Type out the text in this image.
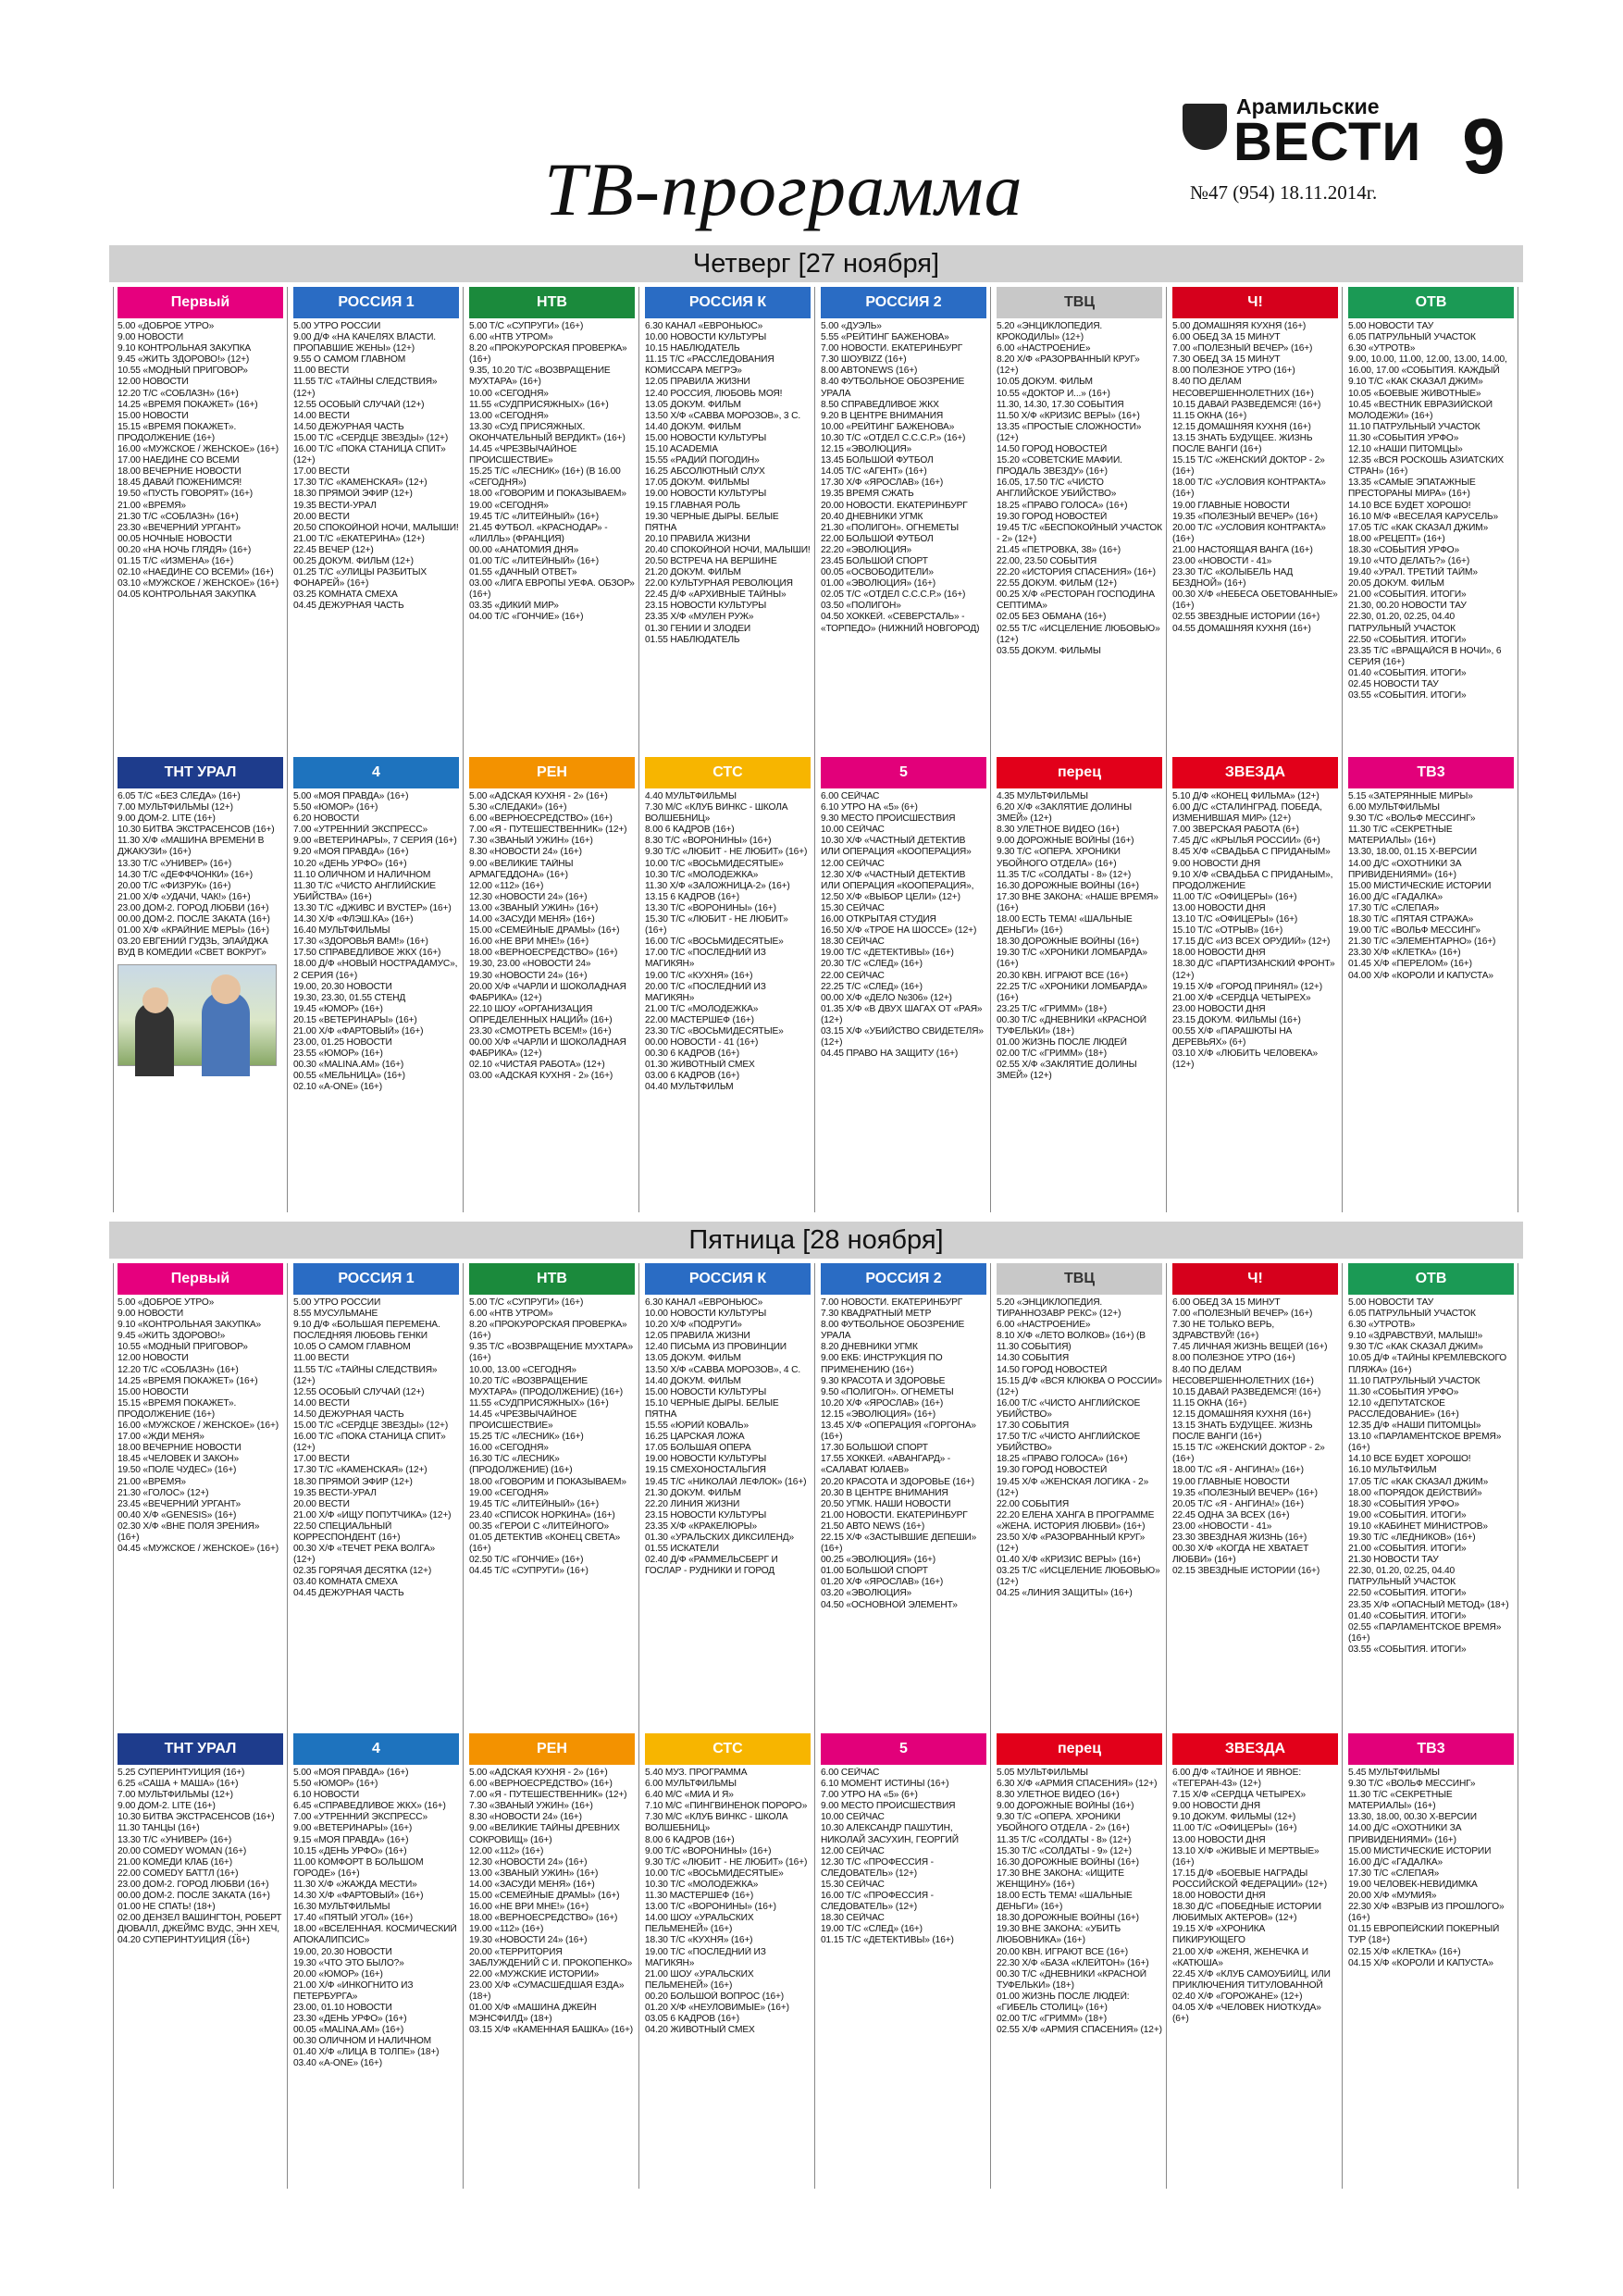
ТВ-программа
Арамильские
ВЕСТИ
№47 (954) 18.11.2014г.
9
Четверг [27 ноября]
Первый
5.00 «ДОБРОЕ УТРО»
9.00 НОВОСТИ
9.10 КОНТРОЛЬНАЯ ЗАКУПКА
9.45 «ЖИТЬ ЗДОРОВО!» (12+)
10.55 «МОДНЫЙ ПРИГОВОР»
12.00 НОВОСТИ
12.20 Т/С «СОБЛАЗН» (16+)
14.25 «ВРЕМЯ ПОКАЖЕТ» (16+)
15.00 НОВОСТИ
15.15 «ВРЕМЯ ПОКАЖЕТ». ПРОДОЛЖЕНИЕ (16+)
16.00 «МУЖСКОЕ / ЖЕНСКОЕ» (16+)
17.00 НАЕДИНЕ СО ВСЕМИ
18.00 ВЕЧЕРНИЕ НОВОСТИ
18.45 ДАВАЙ ПОЖЕНИМСЯ!
19.50 «ПУСТЬ ГОВОРЯТ» (16+)
21.00 «ВРЕМЯ»
21.30 Т/С «СОБЛАЗН» (16+)
23.30 «ВЕЧЕРНИЙ УРГАНТ»
00.05 НОЧНЫЕ НОВОСТИ
00.20 «НА НОЧЬ ГЛЯДЯ» (16+)
01.15 Т/С «ИЗМЕНА» (16+)
02.10 «НАЕДИНЕ СО ВСЕМИ» (16+)
03.10 «МУЖСКОЕ / ЖЕНСКОЕ» (16+)
04.05 КОНТРОЛЬНАЯ ЗАКУПКА
ТНТ УРАЛ
6.05 Т/С «БЕЗ СЛЕДА» (16+)
7.00 МУЛЬТФИЛЬМЫ (12+)
9.00 ДОМ-2. LITE (16+)
10.30 БИТВА ЭКСТРАСЕНСОВ (16+)
11.30 Х/Ф «МАШИНА ВРЕМЕНИ В ДЖАКУЗИ» (16+)
13.30 Т/С «УНИВЕР» (16+)
14.30 Т/С «ДЕФФЧОНКИ» (16+)
20.00 Т/С «ФИЗРУК» (16+)
21.00 Х/Ф «УДАЧИ, ЧАК!» (16+)
23.00 ДОМ-2. ГОРОД ЛЮБВИ (16+)
00.00 ДОМ-2. ПОСЛЕ ЗАКАТА (16+)
01.00 Х/Ф «КРАЙНИЕ МЕРЫ» (16+)
03.20 ЕВГЕНИЙ ГУДЗЬ, ЭЛАЙДЖА ВУД В КОМЕДИИ «СВЕТ ВОКРУГ»
РОССИЯ 1
5.00 УТРО РОССИИ
9.00 Д/Ф «НА КАЧЕЛЯХ ВЛАСТИ. ПРОПАВШИЕ ЖЕНЫ» (12+)
9.55 О САМОМ ГЛАВНОМ
11.00 ВЕСТИ
11.55 Т/С «ТАЙНЫ СЛЕДСТВИЯ» (12+)
12.55 ОСОБЫЙ СЛУЧАЙ (12+)
14.00 ВЕСТИ
14.50 ДЕЖУРНАЯ ЧАСТЬ
15.00 Т/С «СЕРДЦЕ ЗВЕЗДЫ» (12+)
16.00 Т/С «ПОКА СТАНИЦА СПИТ» (12+)
17.00 ВЕСТИ
17.30 Т/С «КАМЕНСКАЯ» (12+)
18.30 ПРЯМОЙ ЭФИР (12+)
19.35 ВЕСТИ-УРАЛ
20.00 ВЕСТИ
20.50 СПОКОЙНОЙ НОЧИ, МАЛЫШИ!
21.00 Т/С «ЕКАТЕРИНА» (12+)
22.45 ВЕЧЕР (12+)
00.25 ДОКУМ. ФИЛЬМ (12+)
01.25 Т/С «УЛИЦЫ РАЗБИТЫХ ФОНАРЕЙ» (16+)
03.25 КОМНАТА СМЕХА
04.45 ДЕЖУРНАЯ ЧАСТЬ
4
5.00 «МОЯ ПРАВДА» (16+)
5.50 «ЮМОР» (16+)
6.20 НОВОСТИ
7.00 «УТРЕННИЙ ЭКСПРЕСС»
9.00 «ВЕТЕРИНАРЫ», 7 СЕРИЯ (16+)
9.20 «МОЯ ПРАВДА» (16+)
10.20 «ДЕНЬ УРФО» (16+)
11.10 ОЛИЧНОМ И НАЛИЧНОМ
11.30 Т/С «ЧИСТО АНГЛИЙСКИЕ УБИЙСТВА» (16+)
13.30 Т/С «ДЖИВС И ВУСТЕР» (16+)
14.30 Х/Ф «ФЛЭШ.КА» (16+)
16.40 МУЛЬТФИЛЬМЫ
17.30 «ЗДОРОВЬЯ ВАМ!» (16+)
17.50 СПРАВЕДЛИВОЕ ЖКХ (16+)
18.00 Д/Ф «НОВЫЙ НОСТРАДАМУС», 2 СЕРИЯ (16+)
19.00, 20.30 НОВОСТИ
19.30, 23.30, 01.55 СТЕНД
19.45 «ЮМОР» (16+)
20.15 «ВЕТЕРИНАРЫ» (16+)
21.00 Х/Ф «ФАРТОВЫЙ» (16+)
23.00, 01.25 НОВОСТИ
23.55 «ЮМОР» (16+)
00.30 «MALINA.AM» (16+)
00.55 «МЕЛЬНИЦА» (16+)
02.10 «A-ONE» (16+)
НТВ
5.00 Т/С «СУПРУГИ» (16+)
6.00 «НТВ УТРОМ»
8.20 «ПРОКУРОРСКАЯ ПРОВЕРКА» (16+)
9.35, 10.20 Т/С «ВОЗВРАЩЕНИЕ МУХТАРА» (16+)
10.00 «СЕГОДНЯ»
11.55 «СУДПРИСЯЖНЫХ» (16+)
13.00 «СЕГОДНЯ»
13.30 «СУД ПРИСЯЖНЫХ. ОКОНЧАТЕЛЬНЫЙ ВЕРДИКТ» (16+)
14.45 «ЧРЕЗВЫЧАЙНОЕ ПРОИСШЕСТВИЕ»
15.25 Т/С «ЛЕСНИК» (16+) (В 16.00 «СЕГОДНЯ»)
18.00 «ГОВОРИМ И ПОКАЗЫВАЕМ»
19.00 «СЕГОДНЯ»
19.45 Т/С «ЛИТЕЙНЫЙ» (16+)
21.45 ФУТБОЛ. «КРАСНОДАР» - «ЛИЛЛЬ» (ФРАНЦИЯ)
00.00 «АНАТОМИЯ ДНЯ»
01.00 Т/С «ЛИТЕЙНЫЙ» (16+)
01.55 «ДАЧНЫЙ ОТВЕТ»
03.00 «ЛИГА ЕВРОПЫ УЕФА. ОБЗОР» (16+)
03.35 «ДИКИЙ МИР»
04.00 Т/С «ГОНЧИЕ» (16+)
РЕН
5.00 «АДСКАЯ КУХНЯ - 2» (16+)
5.30 «СЛЕДАКИ» (16+)
6.00 «ВЕРНОЕСРЕДСТВО» (16+)
7.00 «Я - ПУТЕШЕСТВЕННИК» (12+)
7.30 «ЗВАНЫЙ УЖИН» (16+)
8.30 «НОВОСТИ 24» (16+)
9.00 «ВЕЛИКИЕ ТАЙНЫ АРМАГЕДДОНА» (16+)
12.00 «112» (16+)
12.30 «НОВОСТИ 24» (16+)
13.00 «ЗВАНЫЙ УЖИН» (16+)
14.00 «ЗАСУДИ МЕНЯ» (16+)
15.00 «СЕМЕЙНЫЕ ДРАМЫ» (16+)
16.00 «НЕ ВРИ МНЕ!» (16+)
18.00 «ВЕРНОЕСРЕДСТВО» (16+)
19.30, 23.00 «НОВОСТИ 24»
19.30 «НОВОСТИ 24» (16+)
20.00 Х/Ф «ЧАРЛИ И ШОКОЛАДНАЯ ФАБРИКА» (12+)
22.10 ШОУ «ОРГАНИЗАЦИЯ ОПРЕДЕЛЕННЫХ НАЦИЙ» (16+)
23.30 «СМОТРЕТЬ ВСЕМ!» (16+)
00.00 Х/Ф «ЧАРЛИ И ШОКОЛАДНАЯ ФАБРИКА» (12+)
02.10 «ЧИСТАЯ РАБОТА» (12+)
03.00 «АДСКАЯ КУХНЯ - 2» (16+)
РОССИЯ К
6.30 КАНАЛ «ЕВРОНЬЮС»
10.00 НОВОСТИ КУЛЬТУРЫ
10.15 НАБЛЮДАТЕЛЬ
11.15 Т/С «РАССЛЕДОВАНИЯ КОМИССАРА МЕГРЭ»
12.05 ПРАВИЛА ЖИЗНИ
12.40 РОССИЯ, ЛЮБОВЬ МОЯ!
13.05 ДОКУМ. ФИЛЬМ
13.50 Х/Ф «САВВА МОРОЗОВ», 3 С.
14.40 ДОКУМ. ФИЛЬМ
15.00 НОВОСТИ КУЛЬТУРЫ
15.10 ACADEMIA
15.55 «РАДИЙ ПОГОДИН»
16.25 АБСОЛЮТНЫЙ СЛУХ
17.05 ДОКУМ. ФИЛЬМЫ
19.00 НОВОСТИ КУЛЬТУРЫ
19.15 ГЛАВНАЯ РОЛЬ
19.30 ЧЕРНЫЕ ДЫРЫ. БЕЛЫЕ ПЯТНА
20.10 ПРАВИЛА ЖИЗНИ
20.40 СПОКОЙНОЙ НОЧИ, МАЛЫШИ!
20.50 ВСТРЕЧА НА ВЕРШИНЕ
21.20 ДОКУМ. ФИЛЬМ
22.00 КУЛЬТУРНАЯ РЕВОЛЮЦИЯ
22.45 Д/Ф «АРХИВНЫЕ ТАЙНЫ»
23.15 НОВОСТИ КУЛЬТУРЫ
23.35 Х/Ф «МУЛЕН РУЖ»
01.30 ГЕНИИ И ЗЛОДЕИ
01.55 НАБЛЮДАТЕЛЬ
СТС
4.40 МУЛЬТФИЛЬМЫ
7.30 М/С «КЛУБ ВИНКС - ШКОЛА ВОЛШЕБНИЦ»
8.00 6 КАДРОВ (16+)
8.30 Т/С «ВОРОНИНЫ» (16+)
9.30 Т/С «ЛЮБИТ - НЕ ЛЮБИТ» (16+)
10.00 Т/С «ВОСЬМИДЕСЯТЫЕ»
10.30 Т/С «МОЛОДЕЖКА»
11.30 Х/Ф «ЗАЛОЖНИЦА-2» (16+)
13.15 6 КАДРОВ (16+)
13.30 Т/С «ВОРОНИНЫ» (16+)
15.30 Т/С «ЛЮБИТ - НЕ ЛЮБИТ» (16+)
16.00 Т/С «ВОСЬМИДЕСЯТЫЕ»
17.00 Т/С «ПОСЛЕДНИЙ ИЗ МАГИКЯН»
19.00 Т/С «КУХНЯ» (16+)
20.00 Т/С «ПОСЛЕДНИЙ ИЗ МАГИКЯН»
21.00 Т/С «МОЛОДЕЖКА»
22.00 МАСТЕРШЕФ (16+)
23.30 Т/С «ВОСЬМИДЕСЯТЫЕ»
00.00 НОВОСТИ - 41 (16+)
00.30 6 КАДРОВ (16+)
01.30 ЖИВОТНЫЙ СМЕХ
03.00 6 КАДРОВ (16+)
04.40 МУЛЬТФИЛЬМ
РОССИЯ 2
5.00 «ДУЭЛЬ»
5.55 «РЕЙТИНГ БАЖЕНОВА»
7.00 НОВОСТИ. ЕКАТЕРИНБУРГ
7.30 ШОУBIZZ (16+)
8.00 ABTONEWS (16+)
8.40 ФУТБОЛЬНОЕ ОБОЗРЕНИЕ УРАЛА
8.50 СПРАВЕДЛИВОЕ ЖКХ
9.20 В ЦЕНТРЕ ВНИМАНИЯ
10.00 «РЕЙТИНГ БАЖЕНОВА»
10.30 Т/С «ОТДЕЛ С.С.С.Р.» (16+)
12.15 «ЭВОЛЮЦИЯ»
13.45 БОЛЬШОЙ ФУТБОЛ
14.05 Т/С «АГЕНТ» (16+)
17.30 Х/Ф «ЯРОСЛАВ» (16+)
19.35 ВРЕМЯ СЖАТЬ
20.00 НОВОСТИ. ЕКАТЕРИНБУРГ
20.40 ДНЕВНИКИ УГМК
21.30 «ПОЛИГОН». ОГНЕМЕТЫ
22.00 БОЛЬШОЙ ФУТБОЛ
22.20 «ЭВОЛЮЦИЯ»
23.45 БОЛЬШОЙ СПОРТ
00.05 «ОСВОБОДИТЕЛИ»
01.00 «ЭВОЛЮЦИЯ» (16+)
02.05 Т/С «ОТДЕЛ С.С.С.Р.» (16+)
03.50 «ПОЛИГОН»
04.50 ХОККЕЙ. «СЕВЕРСТАЛЬ» - «ТОРПЕДО» (НИЖНИЙ НОВГОРОД)
5
6.00 СЕЙЧАС
6.10 УТРО НА «5» (6+)
9.30 МЕСТО ПРОИСШЕСТВИЯ
10.00 СЕЙЧАС
10.30 Х/Ф «ЧАСТНЫЙ ДЕТЕКТИВ ИЛИ ОПЕРАЦИЯ «КООПЕРАЦИЯ»
12.00 СЕЙЧАС
12.30 Х/Ф «ЧАСТНЫЙ ДЕТЕКТИВ ИЛИ ОПЕРАЦИЯ «КООПЕРАЦИЯ»,
12.50 Х/Ф «ВЫБОР ЦЕЛИ» (12+)
15.30 СЕЙЧАС
16.00 ОТКРЫТАЯ СТУДИЯ
16.50 Х/Ф «ТРОЕ НА ШОССЕ» (12+)
18.30 СЕЙЧАС
19.00 Т/С «ДЕТЕКТИВЫ» (16+)
20.30 Т/С «СЛЕД» (16+)
22.00 СЕЙЧАС
22.25 Т/С «СЛЕД» (16+)
00.00 Х/Ф «ДЕЛО №306» (12+)
01.35 Х/Ф «В ДВУХ ШАГАХ ОТ «РАЯ» (12+)
03.15 Х/Ф «УБИЙСТВО СВИДЕТЕЛЯ» (12+)
04.45 ПРАВО НА ЗАЩИТУ (16+)
ТВЦ
5.20 «ЭНЦИКЛОПЕДИЯ. КРОКОДИЛЫ» (12+)
6.00 «НАСТРОЕНИЕ»
8.20 Х/Ф «РАЗОРВАННЫЙ КРУГ» (12+)
10.05 ДОКУМ. ФИЛЬМ
10.55 «ДОКТОР И...» (16+)
11.30, 14.30, 17.30 СОБЫТИЯ
11.50 Х/Ф «КРИЗИС ВЕРЫ» (16+)
13.35 «ПРОСТЫЕ СЛОЖНОСТИ» (12+)
14.50 ГОРОД НОВОСТЕЙ
15.20 «СОВЕТСКИЕ МАФИИ. ПРОДАЛЬ ЗВЕЗДУ» (16+)
16.05, 17.50 Т/С «ЧИСТО АНГЛИЙСКОЕ УБИЙСТВО»
18.25 «ПРАВО ГОЛОСА» (16+)
19.30 ГОРОД НОВОСТЕЙ
19.45 Т/С «БЕСПОКОЙНЫЙ УЧАСТОК - 2» (12+)
21.45 «ПЕТРОВКА, 38» (16+)
22.00, 23.50 СОБЫТИЯ
22.20 «ИСТОРИЯ СПАСЕНИЯ» (16+)
22.55 ДОКУМ. ФИЛЬМ (12+)
00.25 Х/Ф «РЕСТОРАН ГОСПОДИНА СЕПТИМА»
02.05 БЕЗ ОБМАНА (16+)
02.55 Т/С «ИСЦЕЛЕНИЕ ЛЮБОВЬЮ» (12+)
03.55 ДОКУМ. ФИЛЬМЫ
перец
4.35 МУЛЬТФИЛЬМЫ
6.20 Х/Ф «ЗАКЛЯТИЕ ДОЛИНЫ ЗМЕЙ» (12+)
8.30 УЛЕТНОЕ ВИДЕО (16+)
9.00 ДОРОЖНЫЕ ВОЙНЫ (16+)
9.30 Т/С «ОПЕРА. ХРОНИКИ УБОЙНОГО ОТДЕЛА» (16+)
11.35 Т/С «СОЛДАТЫ - 8» (12+)
16.30 ДОРОЖНЫЕ ВОЙНЫ (16+)
17.30 ВНЕ ЗАКОНА: «НАШЕ ВРЕМЯ» (16+)
18.00 ЕСТЬ ТЕМА! «ШАЛЬНЫЕ ДЕНЬГИ» (16+)
18.30 ДОРОЖНЫЕ ВОЙНЫ (16+)
19.30 Т/С «ХРОНИКИ ЛОМБАРДА» (16+)
20.30 КВН. ИГРАЮТ ВСЕ (16+)
22.25 Т/С «ХРОНИКИ ЛОМБАРДА» (16+)
23.25 Т/С «ГРИММ» (18+)
00.30 Т/С «ДНЕВНИКИ «КРАСНОЙ ТУФЕЛЬКИ» (18+)
01.00 ЖИЗНЬ ПОСЛЕ ЛЮДЕЙ
02.00 Т/С «ГРИММ» (18+)
02.55 Х/Ф «ЗАКЛЯТИЕ ДОЛИНЫ ЗМЕЙ» (12+)
Ч!
5.00 ДОМАШНЯЯ КУХНЯ (16+)
6.00 ОБЕД ЗА 15 МИНУТ
7.00 «ПОЛЕЗНЫЙ ВЕЧЕР» (16+)
7.30 ОБЕД ЗА 15 МИНУТ
8.00 ПОЛЕЗНОЕ УТРО (16+)
8.40 ПО ДЕЛАМ НЕСОВЕРШЕННОЛЕТНИХ (16+)
10.15 ДАВАЙ РАЗВЕДЕМСЯ! (16+)
11.15 ОКНА (16+)
12.15 ДОМАШНЯЯ КУХНЯ (16+)
13.15 ЗНАТЬ БУДУЩЕЕ. ЖИЗНЬ ПОСЛЕ ВАНГИ (16+)
15.15 Т/С «ЖЕНСКИЙ ДОКТОР - 2» (16+)
18.00 Т/С «УСЛОВИЯ КОНТРАКТА» (16+)
19.00 ГЛАВНЫЕ НОВОСТИ
19.35 «ПОЛЕЗНЫЙ ВЕЧЕР» (16+)
20.00 Т/С «УСЛОВИЯ КОНТРАКТА» (16+)
21.00 НАСТОЯЩАЯ ВАНГА (16+)
23.00 «НОВОСТИ - 41»
23.30 Т/С «КОЛЫБЕЛЬ НАД БЕЗДНОЙ» (16+)
00.30 Х/Ф «НЕБЕСА ОБЕТОВАННЫЕ» (16+)
02.55 ЗВЕЗДНЫЕ ИСТОРИИ (16+)
04.55 ДОМАШНЯЯ КУХНЯ (16+)
ЗВЕЗДА
5.10 Д/Ф «КОНЕЦ ФИЛЬМА» (12+)
6.00 Д/С «СТАЛИНГРАД. ПОБЕДА, ИЗМЕНИВШАЯ МИР» (12+)
7.00 ЗВЕРСКАЯ РАБОТА (6+)
7.45 Д/С «КРЫЛЬЯ РОССИИ» (6+)
8.45 Х/Ф «СВАДЬБА С ПРИДАНЫМ»
9.00 НОВОСТИ ДНЯ
9.10 Х/Ф «СВАДЬБА С ПРИДАНЫМ», ПРОДОЛЖЕНИЕ
11.00 Т/С «ОФИЦЕРЫ» (16+)
13.00 НОВОСТИ ДНЯ
13.10 Т/С «ОФИЦЕРЫ» (16+)
15.10 Т/С «ОТРЫВ» (16+)
17.15 Д/С «ИЗ ВСЕХ ОРУДИЙ» (12+)
18.00 НОВОСТИ ДНЯ
18.30 Д/С «ПАРТИЗАНСКИЙ ФРОНТ» (12+)
19.15 Х/Ф «ГОРОД ПРИНЯЛ» (12+)
21.00 Х/Ф «СЕРДЦА ЧЕТЫРЕХ»
23.00 НОВОСТИ ДНЯ
23.15 ДОКУМ. ФИЛЬМЫ (16+)
00.55 Х/Ф «ПАРАШЮТЫ НА ДЕРЕВЬЯХ» (6+)
03.10 Х/Ф «ЛЮБИТЬ ЧЕЛОВЕКА» (12+)
ОТВ
5.00 НОВОСТИ ТАУ
6.05 ПАТРУЛЬНЫЙ УЧАСТОК
6.30 «УТРОТВ»
9.00, 10.00, 11.00, 12.00, 13.00, 14.00, 16.00, 17.00 «СОБЫТИЯ. КАЖДЫЙ
9.10 Т/С «КАК СКАЗАЛ ДЖИМ»
10.05 «БОЕВЫЕ ЖИВОТНЫЕ»
10.45 «ВЕСТНИК ЕВРАЗИЙСКОЙ МОЛОДЕЖИ» (16+)
11.10 ПАТРУЛЬНЫЙ УЧАСТОК
11.30 «СОБЫТИЯ УРФО»
12.10 «НАШИ ПИТОМЦЫ»
12.35 «ВСЯ РОСКОШЬ АЗИАТСКИХ СТРАН» (16+)
13.35 «САМЫЕ ЭПАТАЖНЫЕ ПРЕСТОРАНЫ МИРА» (16+)
14.10 ВСЕ БУДЕТ ХОРОШО!
16.10 М/Ф «ВЕСЕЛАЯ КАРУСЕЛЬ»
17.05 Т/С «КАК СКАЗАЛ ДЖИМ»
18.00 «РЕЦЕПТ» (16+)
18.30 «СОБЫТИЯ УРФО»
19.10 «ЧТО ДЕЛАТЬ?» (16+)
19.40 «УРАЛ. ТРЕТИЙ ТАЙМ»
20.05 ДОКУМ. ФИЛЬМ
21.00 «СОБЫТИЯ. ИТОГИ»
21.30, 00.20 НОВОСТИ ТАУ
22.30, 01.20, 02.25, 04.40 ПАТРУЛЬНЫЙ УЧАСТОК
22.50 «СОБЫТИЯ. ИТОГИ»
23.35 Т/С «ВРАЩАЙСЯ В НОЧИ», 6 СЕРИЯ (16+)
01.40 «СОБЫТИЯ. ИТОГИ»
02.45 НОВОСТИ ТАУ
03.55 «СОБЫТИЯ. ИТОГИ»
ТВ3
5.15 «ЗАТЕРЯННЫЕ МИРЫ»
6.00 МУЛЬТФИЛЬМЫ
9.30 Т/С «ВОЛЬФ МЕССИНГ»
11.30 Т/С «СЕКРЕТНЫЕ МАТЕРИАЛЫ» (16+)
13.30, 18.00, 01.15 Х-ВЕРСИИ
14.00 Д/С «ОХОТНИКИ ЗА ПРИВИДЕНИЯМИ» (16+)
15.00 МИСТИЧЕСКИЕ ИСТОРИИ
16.00 Д/С «ГАДАЛКА»
17.30 Т/С «СЛЕПАЯ»
18.30 Т/С «ПЯТАЯ СТРАЖА»
19.00 Т/С «ВОЛЬФ МЕССИНГ»
21.30 Т/С «ЭЛЕМЕНТАРНО» (16+)
23.30 Х/Ф «КЛЕТКА» (16+)
01.45 Х/Ф «ПЕРЕЛОМ» (16+)
04.00 Х/Ф «КОРОЛИ И КАПУСТА»
Пятница [28 ноября]
Первый
5.00 «ДОБРОЕ УТРО»
9.00 НОВОСТИ
9.10 «КОНТРОЛЬНАЯ ЗАКУПКА»
9.45 «ЖИТЬ ЗДОРОВО!»
10.55 «МОДНЫЙ ПРИГОВОР»
12.00 НОВОСТИ
12.20 Т/С «СОБЛАЗН» (16+)
14.25 «ВРЕМЯ ПОКАЖЕТ» (16+)
15.00 НОВОСТИ
15.15 «ВРЕМЯ ПОКАЖЕТ». ПРОДОЛЖЕНИЕ (16+)
16.00 «МУЖСКОЕ / ЖЕНСКОЕ» (16+)
17.00 «ЖДИ МЕНЯ»
18.00 ВЕЧЕРНИЕ НОВОСТИ
18.45 «ЧЕЛОВЕК И ЗАКОН»
19.50 «ПОЛЕ ЧУДЕС» (16+)
21.00 «ВРЕМЯ»
21.30 «ГОЛОС» (12+)
23.45 «ВЕЧЕРНИЙ УРГАНТ»
00.40 Х/Ф «GENESIS» (16+)
02.30 Х/Ф «ВНЕ ПОЛЯ ЗРЕНИЯ» (16+)
04.45 «МУЖСКОЕ / ЖЕНСКОЕ» (16+)
ТНТ УРАЛ
5.25 СУПЕРИНТУИЦИЯ (16+)
6.25 «САША + МАША» (16+)
7.00 МУЛЬТФИЛЬМЫ (12+)
9.00 ДОМ-2. LITE (16+)
10.30 БИТВА ЭКСТРАСЕНСОВ (16+)
11.30 ТАНЦЫ (16+)
13.30 Т/С «УНИВЕР» (16+)
20.00 COMEDY WOMAN (16+)
21.00 КОМЕДИ КЛАБ (16+)
22.00 COMEDY БАТТЛ (16+)
23.00 ДОМ-2. ГОРОД ЛЮБВИ (16+)
00.00 ДОМ-2. ПОСЛЕ ЗАКАТА (16+)
01.00 НЕ СПАТЬ! (18+)
02.00 ДЕНЗЕЛ ВАШИНГТОН, РОБЕРТ ДЮВАЛЛ, ДЖЕЙМС ВУДС, ЭНН ХЕЧ,
04.20 СУПЕРИНТУИЦИЯ (16+)
РОССИЯ 1
5.00 УТРО РОССИИ
8.55 МУСУЛЬМАНЕ
9.10 Д/Ф «БОЛЬШАЯ ПЕРЕМЕНА. ПОСЛЕДНЯЯ ЛЮБОВЬ ГЕНКИ
10.05 О САМОМ ГЛАВНОМ
11.00 ВЕСТИ
11.55 Т/С «ТАЙНЫ СЛЕДСТВИЯ» (12+)
12.55 ОСОБЫЙ СЛУЧАЙ (12+)
14.00 ВЕСТИ
14.50 ДЕЖУРНАЯ ЧАСТЬ
15.00 Т/С «СЕРДЦЕ ЗВЕЗДЫ» (12+)
16.00 Т/С «ПОКА СТАНИЦА СПИТ» (12+)
17.00 ВЕСТИ
17.30 Т/С «КАМЕНСКАЯ» (12+)
18.30 ПРЯМОЙ ЭФИР (12+)
19.35 ВЕСТИ-УРАЛ
20.00 ВЕСТИ
21.00 Х/Ф «ИЩУ ПОПУТЧИКА» (12+)
22.50 СПЕЦИАЛЬНЫЙ КОРРЕСПОНДЕНТ (16+)
00.30 Х/Ф «ТЕЧЕТ РЕКА ВОЛГА» (12+)
02.35 ГОРЯЧАЯ ДЕСЯТКА (12+)
03.40 КОМНАТА СМЕХА
04.45 ДЕЖУРНАЯ ЧАСТЬ
4
5.00 «МОЯ ПРАВДА» (16+)
5.50 «ЮМОР» (16+)
6.10 НОВОСТИ
6.45 «СПРАВЕДЛИВОЕ ЖКХ» (16+)
7.00 «УТРЕННИЙ ЭКСПРЕСС»
9.00 «ВЕТЕРИНАРЫ» (16+)
9.15 «МОЯ ПРАВДА» (16+)
10.15 «ДЕНЬ УРФО» (16+)
11.00 КОМФОРТ В БОЛЬШОМ ГОРОДЕ» (16+)
11.30 Х/Ф «ЖАЖДА МЕСТИ»
14.30 Х/Ф «ФАРТОВЫЙ» (16+)
16.30 МУЛЬТФИЛЬМЫ
17.40 «ПЯТЫЙ УГОЛ» (16+)
18.00 «ВСЕЛЕННАЯ. КОСМИЧЕСКИЙ АПОКАЛИПСИС»
19.00, 20.30 НОВОСТИ
19.30 «ЧТО ЭТО БЫЛО?»
20.00 «ЮМОР» (16+)
21.00 Х/Ф «ИНКОГНИТО ИЗ ПЕТЕРБУРГА»
23.00, 01.10 НОВОСТИ
23.30 «ДЕНЬ УРФО» (16+)
00.05 «MALINA.AM» (16+)
00.30 ОЛИЧНОМ И НАЛИЧНОМ
01.40 Х/Ф «ЛИЦА В ТОЛПЕ» (18+)
03.40 «A-ONE» (16+)
НТВ
5.00 Т/С «СУПРУГИ» (16+)
6.00 «НТВ УТРОМ»
8.20 «ПРОКУРОРСКАЯ ПРОВЕРКА» (16+)
9.35 Т/С «ВОЗВРАЩЕНИЕ МУХТАРА» (16+)
10.00, 13.00 «СЕГОДНЯ»
10.20 Т/С «ВОЗВРАЩЕНИЕ МУХТАРА» (ПРОДОЛЖЕНИЕ) (16+)
11.55 «СУДПРИСЯЖНЫХ» (16+)
14.45 «ЧРЕЗВЫЧАЙНОЕ ПРОИСШЕСТВИЕ»
15.25 Т/С «ЛЕСНИК» (16+)
16.00 «СЕГОДНЯ»
16.30 Т/С «ЛЕСНИК» (ПРОДОЛЖЕНИЕ) (16+)
18.00 «ГОВОРИМ И ПОКАЗЫВАЕМ»
19.00 «СЕГОДНЯ»
19.45 Т/С «ЛИТЕЙНЫЙ» (16+)
23.40 «СПИСОК НОРКИНА» (16+)
00.35 «ГЕРОИ С «ЛИТЕЙНОГО»
01.05 ДЕТЕКТИВ «КОНЕЦ СВЕТА» (16+)
02.50 Т/С «ГОНЧИЕ» (16+)
04.45 Т/С «СУПРУГИ» (16+)
РЕН
5.00 «АДСКАЯ КУХНЯ - 2» (16+)
6.00 «ВЕРНОЕСРЕДСТВО» (16+)
7.00 «Я - ПУТЕШЕСТВЕННИК» (12+)
7.30 «ЗВАНЫЙ УЖИН» (16+)
8.30 «НОВОСТИ 24» (16+)
9.00 «ВЕЛИКИЕ ТАЙНЫ ДРЕВНИХ СОКРОВИЩ» (16+)
12.00 «112» (16+)
12.30 «НОВОСТИ 24» (16+)
13.00 «ЗВАНЫЙ УЖИН» (16+)
14.00 «ЗАСУДИ МЕНЯ» (16+)
15.00 «СЕМЕЙНЫЕ ДРАМЫ» (16+)
16.00 «НЕ ВРИ МНЕ!» (16+)
18.00 «ВЕРНОЕСРЕДСТВО» (16+)
19.00 «112» (16+)
19.30 «НОВОСТИ 24» (16+)
20.00 «ТЕРРИТОРИЯ ЗАБЛУЖДЕНИЙ С И. ПРОКОПЕНКО»
22.00 «МУЖСКИЕ ИСТОРИИ»
23.00 Х/Ф «СУМАСШЕДШАЯ ЕЗДА» (18+)
01.00 Х/Ф «МАШИНА ДЖЕЙН МЭНСФИЛД» (18+)
03.15 Х/Ф «КАМЕННАЯ БАШКА» (16+)
РОССИЯ К
6.30 КАНАЛ «ЕВРОНЬЮС»
10.00 НОВОСТИ КУЛЬТУРЫ
10.20 Х/Ф «ПОДРУГИ»
12.05 ПРАВИЛА ЖИЗНИ
12.40 ПИСЬМА ИЗ ПРОВИНЦИИ
13.05 ДОКУМ. ФИЛЬМ
13.50 Х/Ф «САВВА МОРОЗОВ», 4 С.
14.40 ДОКУМ. ФИЛЬМ
15.00 НОВОСТИ КУЛЬТУРЫ
15.10 ЧЕРНЫЕ ДЫРЫ. БЕЛЫЕ ПЯТНА
15.55 «ЮРИЙ КОВАЛЬ»
16.25 ЦАРСКАЯ ЛОЖА
17.05 БОЛЬШАЯ ОПЕРА
19.00 НОВОСТИ КУЛЬТУРЫ
19.15 СМЕХОНОСТАЛЬГИЯ
19.45 Т/С «НИКОЛАЙ ЛЕФЛОК» (16+)
21.30 ДОКУМ. ФИЛЬМ
22.20 ЛИНИЯ ЖИЗНИ
23.15 НОВОСТИ КУЛЬТУРЫ
23.35 Х/Ф «КРАКЕЛЮРЫ»
01.30 «УРАЛЬСКИХ ДИКСИЛЕНД»
01.55 ИСКАТЕЛИ
02.40 Д/Ф «РАММЕЛЬСБЕРГ И ГОСЛАР - РУДНИКИ И ГОРОД
СТС
5.40 МУЗ. ПРОГРАММА
6.00 МУЛЬТФИЛЬМЫ
6.40 М/С «МИА И Я»
7.10 М/С «ПИНГВИНЁНОК ПОРОРО»
7.30 М/С «КЛУБ ВИНКС - ШКОЛА ВОЛШЕБНИЦ»
8.00 6 КАДРОВ (16+)
9.00 Т/С «ВОРОНИНЫ» (16+)
9.30 Т/С «ЛЮБИТ - НЕ ЛЮБИТ» (16+)
10.00 Т/С «ВОСЬМИДЕСЯТЫЕ»
10.30 Т/С «МОЛОДЕЖКА»
11.30 МАСТЕРШЕФ (16+)
13.00 Т/С «ВОРОНИНЫ» (16+)
14.00 ШОУ «УРАЛЬСКИХ ПЕЛЬМЕНЕЙ» (16+)
18.30 Т/С «КУХНЯ» (16+)
19.00 Т/С «ПОСЛЕДНИЙ ИЗ МАГИКЯН»
21.00 ШОУ «УРАЛЬСКИХ ПЕЛЬМЕНЕЙ» (16+)
00.20 БОЛЬШОЙ ВОПРОС (16+)
01.20 Х/Ф «НЕУЛОВИМЫЕ» (16+)
03.05 6 КАДРОВ (16+)
04.20 ЖИВОТНЫЙ СМЕХ
РОССИЯ 2
7.00 НОВОСТИ. ЕКАТЕРИНБУРГ
7.30 КВАДРАТНЫЙ МЕТР
8.00 ФУТБОЛЬНОЕ ОБОЗРЕНИЕ УРАЛА
8.20 ДНЕВНИКИ УГМК
9.00 ЕКБ: ИНСТРУКЦИЯ ПО ПРИМЕНЕНИЮ (16+)
9.30 КРАСОТА И ЗДОРОВЬЕ
9.50 «ПОЛИГОН». ОГНЕМЕТЫ
10.20 Х/Ф «ЯРОСЛАВ» (16+)
12.15 «ЭВОЛЮЦИЯ» (16+)
13.45 Х/Ф «ОПЕРАЦИЯ «ГОРГОНА» (16+)
17.30 БОЛЬШОЙ СПОРТ
17.55 ХОККЕЙ. «АВАНГАРД» - «САЛАВАТ ЮЛАЕВ»
20.20 КРАСОТА И ЗДОРОВЬЕ (16+)
20.30 В ЦЕНТРЕ ВНИМАНИЯ
20.50 УГМК. НАШИ НОВОСТИ
21.00 НОВОСТИ. ЕКАТЕРИНБУРГ
21.50 АВТО NEWS (16+)
22.15 Х/Ф «ЗАСТЫВШИЕ ДЕПЕШИ» (16+)
00.25 «ЭВОЛЮЦИЯ» (16+)
01.00 БОЛЬШОЙ СПОРТ
01.20 Х/Ф «ЯРОСЛАВ» (16+)
03.20 «ЭВОЛЮЦИЯ»
04.50 «ОСНОВНОЙ ЭЛЕМЕНТ»
5
6.00 СЕЙЧАС
6.10 МОМЕНТ ИСТИНЫ (16+)
7.00 УТРО НА «5» (6+)
9.00 МЕСТО ПРОИСШЕСТВИЯ
10.00 СЕЙЧАС
10.30 АЛЕКСАНДР ПАШУТИН, НИКОЛАЙ ЗАСУХИН, ГЕОРГИЙ
12.00 СЕЙЧАС
12.30 Т/С «ПРОФЕССИЯ - СЛЕДОВАТЕЛЬ» (12+)
15.30 СЕЙЧАС
16.00 Т/С «ПРОФЕССИЯ - СЛЕДОВАТЕЛЬ» (12+)
18.30 СЕЙЧАС
19.00 Т/С «СЛЕД» (16+)
01.15 Т/С «ДЕТЕКТИВЫ» (16+)
ТВЦ
5.20 «ЭНЦИКЛОПЕДИЯ. ТИРАННОЗАВР РЕКС» (12+)
6.00 «НАСТРОЕНИЕ»
8.10 Х/Ф «ЛЕТО ВОЛКОВ» (16+) (В 11.30 СОБЫТИЯ)
14.30 СОБЫТИЯ
14.50 ГОРОД НОВОСТЕЙ
15.15 Д/Ф «ВСЯ КЛЮКВА О РОССИИ» (12+)
16.00 Т/С «ЧИСТО АНГЛИЙСКОЕ УБИЙСТВО»
17.30 СОБЫТИЯ
17.50 Т/С «ЧИСТО АНГЛИЙСКОЕ УБИЙСТВО»
18.25 «ПРАВО ГОЛОСА» (16+)
19.30 ГОРОД НОВОСТЕЙ
19.45 Х/Ф «ЖЕНСКАЯ ЛОГИКА - 2» (12+)
22.00 СОБЫТИЯ
22.20 ЕЛЕНА ХАНГА В ПРОГРАММЕ «ЖЕНА. ИСТОРИЯ ЛЮБВИ» (16+)
23.50 Х/Ф «РАЗОРВАННЫЙ КРУГ» (12+)
01.40 Х/Ф «КРИЗИС ВЕРЫ» (16+)
03.25 Т/С «ИСЦЕЛЕНИЕ ЛЮБОВЬЮ» (12+)
04.25 «ЛИНИЯ ЗАЩИТЫ» (16+)
перец
5.05 МУЛЬТФИЛЬМЫ
6.30 Х/Ф «АРМИЯ СПАСЕНИЯ» (12+)
8.30 УЛЕТНОЕ ВИДЕО (16+)
9.00 ДОРОЖНЫЕ ВОЙНЫ (16+)
9.30 Т/С «ОПЕРА. ХРОНИКИ УБОЙНОГО ОТДЕЛА - 2» (16+)
11.35 Т/С «СОЛДАТЫ - 8» (12+)
15.30 Т/С «СОЛДАТЫ - 9» (12+)
16.30 ДОРОЖНЫЕ ВОЙНЫ (16+)
17.30 ВНЕ ЗАКОНА: «ИЩИТЕ ЖЕНЩИНУ» (16+)
18.00 ЕСТЬ ТЕМА! «ШАЛЬНЫЕ ДЕНЬГИ» (16+)
18.30 ДОРОЖНЫЕ ВОЙНЫ (16+)
19.30 ВНЕ ЗАКОНА: «УБИТЬ ЛЮБОВНИКА» (16+)
20.00 КВН. ИГРАЮТ ВСЕ (16+)
22.30 Х/Ф «БАЗА «КЛЕЙТОН» (16+)
00.30 Т/С «ДНЕВНИКИ «КРАСНОЙ ТУФЕЛЬКИ» (18+)
01.00 ЖИЗНЬ ПОСЛЕ ЛЮДЕЙ: «ГИБЕЛЬ СТОЛИЦ» (16+)
02.00 Т/С «ГРИММ» (18+)
02.55 Х/Ф «АРМИЯ СПАСЕНИЯ» (12+)
Ч!
6.00 ОБЕД ЗА 15 МИНУТ
7.00 «ПОЛЕЗНЫЙ ВЕЧЕР» (16+)
7.30 НЕ ТОЛЬКО ВЕРЬ, ЗДРАВСТВУЙ! (16+)
7.45 ЛИЧНАЯ ЖИЗНЬ ВЕЩЕЙ (16+)
8.00 ПОЛЕЗНОЕ УТРО (16+)
8.40 ПО ДЕЛАМ НЕСОВЕРШЕННОЛЕТНИХ (16+)
10.15 ДАВАЙ РАЗВЕДЕМСЯ! (16+)
11.15 ОКНА (16+)
12.15 ДОМАШНЯЯ КУХНЯ (16+)
13.15 ЗНАТЬ БУДУЩЕЕ. ЖИЗНЬ ПОСЛЕ ВАНГИ (16+)
15.15 Т/С «ЖЕНСКИЙ ДОКТОР - 2» (16+)
18.00 Т/С «Я - АНГИНА!» (16+)
19.00 ГЛАВНЫЕ НОВОСТИ
19.35 «ПОЛЕЗНЫЙ ВЕЧЕР» (16+)
20.05 Т/С «Я - АНГИНА!» (16+)
22.45 ОДНА ЗА ВСЕХ (16+)
23.00 «НОВОСТИ - 41»
23.30 ЗВЕЗДНАЯ ЖИЗНЬ (16+)
00.30 Х/Ф «КОГДА НЕ ХВАТАЕТ ЛЮБВИ» (16+)
02.15 ЗВЕЗДНЫЕ ИСТОРИИ (16+)
ЗВЕЗДА
6.00 Д/Ф «ТАЙНОЕ И ЯВНОЕ: «ТЕГЕРАН-43» (12+)
7.15 Х/Ф «СЕРДЦА ЧЕТЫРЕХ»
9.00 НОВОСТИ ДНЯ
9.10 ДОКУМ. ФИЛЬМЫ (12+)
11.00 Т/С «ОФИЦЕРЫ» (16+)
13.00 НОВОСТИ ДНЯ
13.10 Х/Ф «ЖИВЫЕ И МЕРТВЫЕ» (16+)
17.15 Д/Ф «БОЕВЫЕ НАГРАДЫ РОССИЙСКОЙ ФЕДЕРАЦИИ» (12+)
18.00 НОВОСТИ ДНЯ
18.30 Д/С «ПОБЕДНЫЕ ИСТОРИИ ЛЮБИМЫХ АКТЕРОВ» (12+)
19.15 Х/Ф «ХРОНИКА ПИКИРУЮЩЕГО
21.00 Х/Ф «ЖЕНЯ, ЖЕНЕЧКА И «КАТЮША»
22.45 Х/Ф «КЛУБ САМОУБИЙЦ, ИЛИ ПРИКЛЮЧЕНИЯ ТИТУЛОВАННОЙ
02.40 Х/Ф «ГОРОЖАНЕ» (12+)
04.05 Х/Ф «ЧЕЛОВЕК НИОТКУДА» (6+)
ОТВ
5.00 НОВОСТИ ТАУ
6.05 ПАТРУЛЬНЫЙ УЧАСТОК
6.30 «УТРОТВ»
9.10 «ЗДРАВСТВУЙ, МАЛЫШ!»
9.30 Т/С «КАК СКАЗАЛ ДЖИМ»
10.05 Д/Ф «ТАЙНЫ КРЕМЛЕВСКОГО ПЛЯЖА» (16+)
11.10 ПАТРУЛЬНЫЙ УЧАСТОК
11.30 «СОБЫТИЯ УРФО»
12.10 «ДЕПУТАТСКОЕ РАССЛЕДОВАНИЕ» (16+)
12.35 Д/Ф «НАШИ ПИТОМЦЫ»
13.10 «ПАРЛАМЕНТСКОЕ ВРЕМЯ» (16+)
14.10 ВСЕ БУДЕТ ХОРОШО!
16.10 МУЛЬТФИЛЬМ
17.05 Т/С «КАК СКАЗАЛ ДЖИМ»
18.00 «ПОРЯДОК ДЕЙСТВИЙ»
18.30 «СОБЫТИЯ УРФО»
19.00 «СОБЫТИЯ. ИТОГИ»
19.10 «КАБИНЕТ МИНИСТРОВ»
19.30 Т/С «ЛЕДНИКОВ» (16+)
21.00 «СОБЫТИЯ. ИТОГИ»
21.30 НОВОСТИ ТАУ
22.30, 01.20, 02.25, 04.40 ПАТРУЛЬНЫЙ УЧАСТОК
22.50 «СОБЫТИЯ. ИТОГИ»
23.35 Х/Ф «ОПАСНЫЙ МЕТОД» (18+)
01.40 «СОБЫТИЯ. ИТОГИ»
02.55 «ПАРЛАМЕНТСКОЕ ВРЕМЯ» (16+)
03.55 «СОБЫТИЯ. ИТОГИ»
ТВ3
5.45 МУЛЬТФИЛЬМЫ
9.30 Т/С «ВОЛЬФ МЕССИНГ»
11.30 Т/С «СЕКРЕТНЫЕ МАТЕРИАЛЫ» (16+)
13.30, 18.00, 00.30 Х-ВЕРСИИ
14.00 Д/С «ОХОТНИКИ ЗА ПРИВИДЕНИЯМИ» (16+)
15.00 МИСТИЧЕСКИЕ ИСТОРИИ
16.00 Д/С «ГАДАЛКА»
17.30 Т/С «СЛЕПАЯ»
19.00 ЧЕЛОВЕК-НЕВИДИМКА
20.00 Х/Ф «МУМИЯ»
22.30 Х/Ф «ВЗРЫВ ИЗ ПРОШЛОГО» (16+)
01.15 ЕВРОПЕЙСКИЙ ПОКЕРНЫЙ ТУР (18+)
02.15 Х/Ф «КЛЕТКА» (16+)
04.15 Х/Ф «КОРОЛИ И КАПУСТА»
